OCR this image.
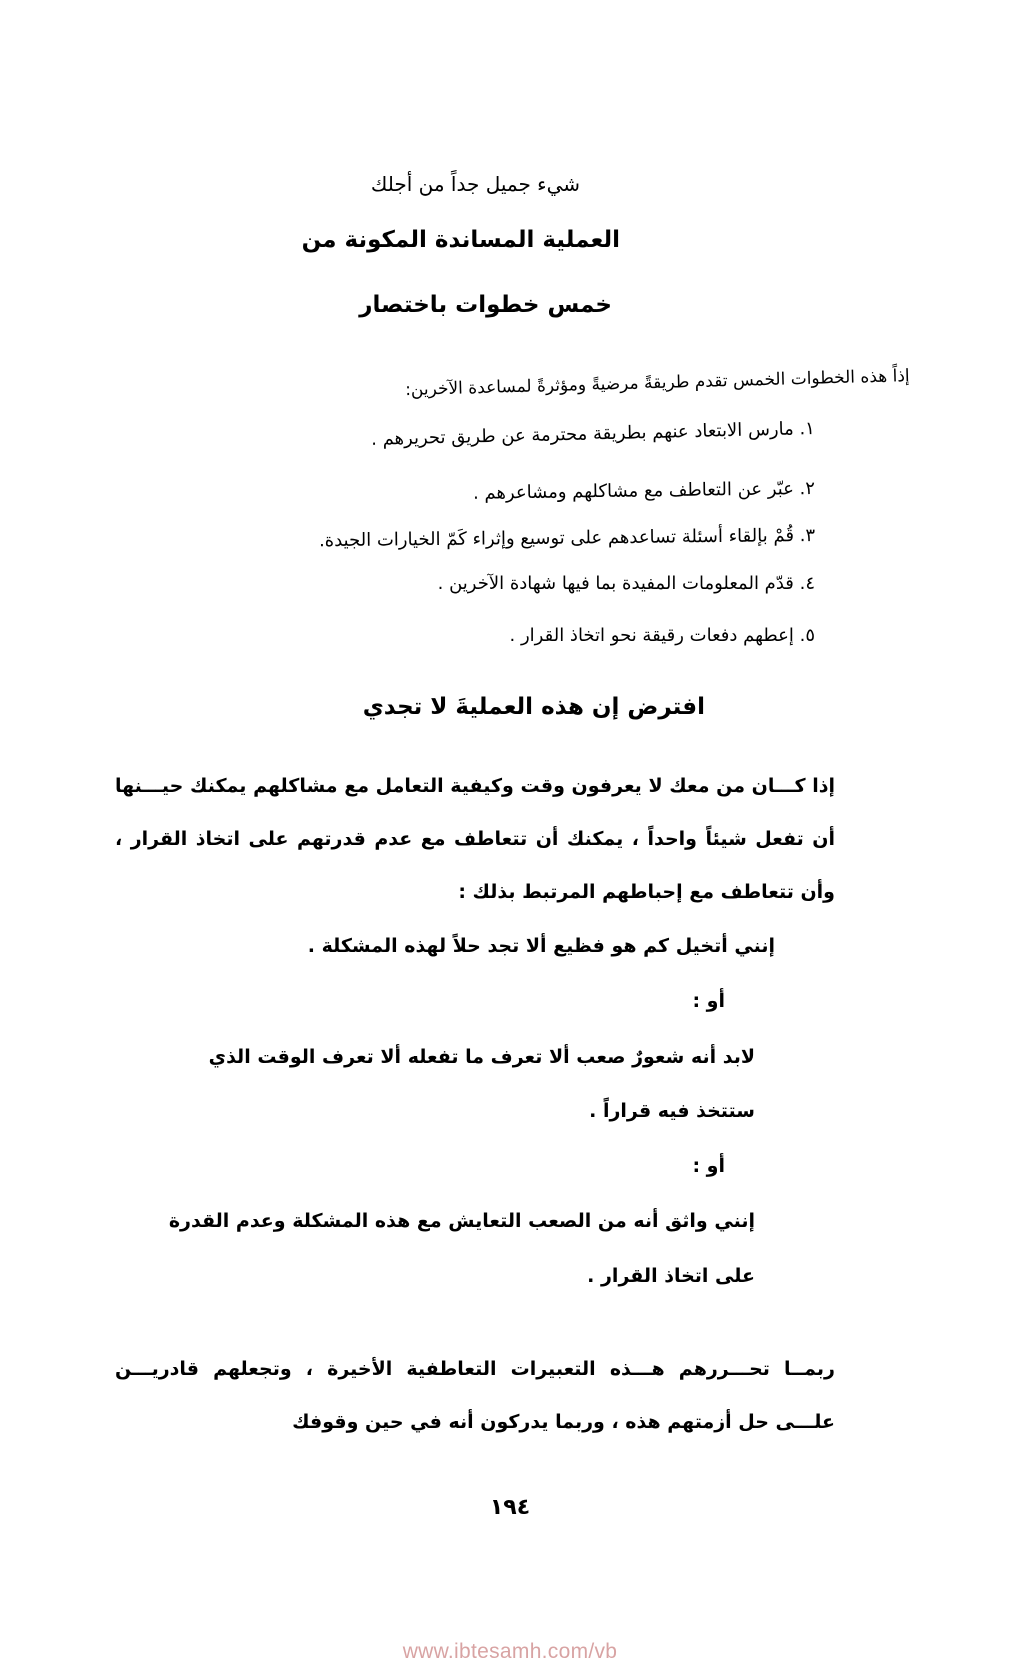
شيء جميل جداً من أجلك
العملية المساندة المكونة من
خمس خطوات باختصار
إذاً هذه الخطوات الخمس تقدم طريقةً مرضيةً ومؤثرةً لمساعدة الآخرين:
١. مارس الابتعاد عنهم بطريقة محترمة عن طريق تحريرهم .
٢. عبّر عن التعاطف مع مشاكلهم ومشاعرهم .
٣. قُمْ بإلقاء أسئلة تساعدهم على توسيع وإثراء كَمّ الخيارات الجيدة.
٤. قدّم المعلومات المفيدة بما فيها شهادة الآخرين .
٥. إعطهم دفعات رقيقة نحو اتخاذ القرار .
افترض إن هذه العمليةَ لا تجدي
إذا كـــان من معك لا يعرفون وقت وكيفية التعامل مع مشاكلهم يمكنك حيـــنها أن تفعل شيئاً واحداً ، يمكنك أن تتعاطف مع عدم قدرتهم على اتخاذ القرار ، وأن تتعاطف مع إحباطهم المرتبط بذلك :
إنني أتخيل كم هو فظيع ألا تجد حلاً لهذه المشكلة .
أو :
لابد أنه شعورٌ صعب ألا تعرف ما تفعله ألا تعرف الوقت الذي
ستتخذ فيه قراراً .
أو :
إنني واثق أنه من الصعب التعايش مع هذه المشكلة وعدم القدرة
على اتخاذ القرار .
ربمــا تحـــررهم هـــذه التعبيرات التعاطفية الأخيرة ، وتجعلهم قادريـــن علـــى حل أزمتهم هذه ، وربما يدركون أنه في حين وقوفك
١٩٤
www.ibtesamh.com/vb
